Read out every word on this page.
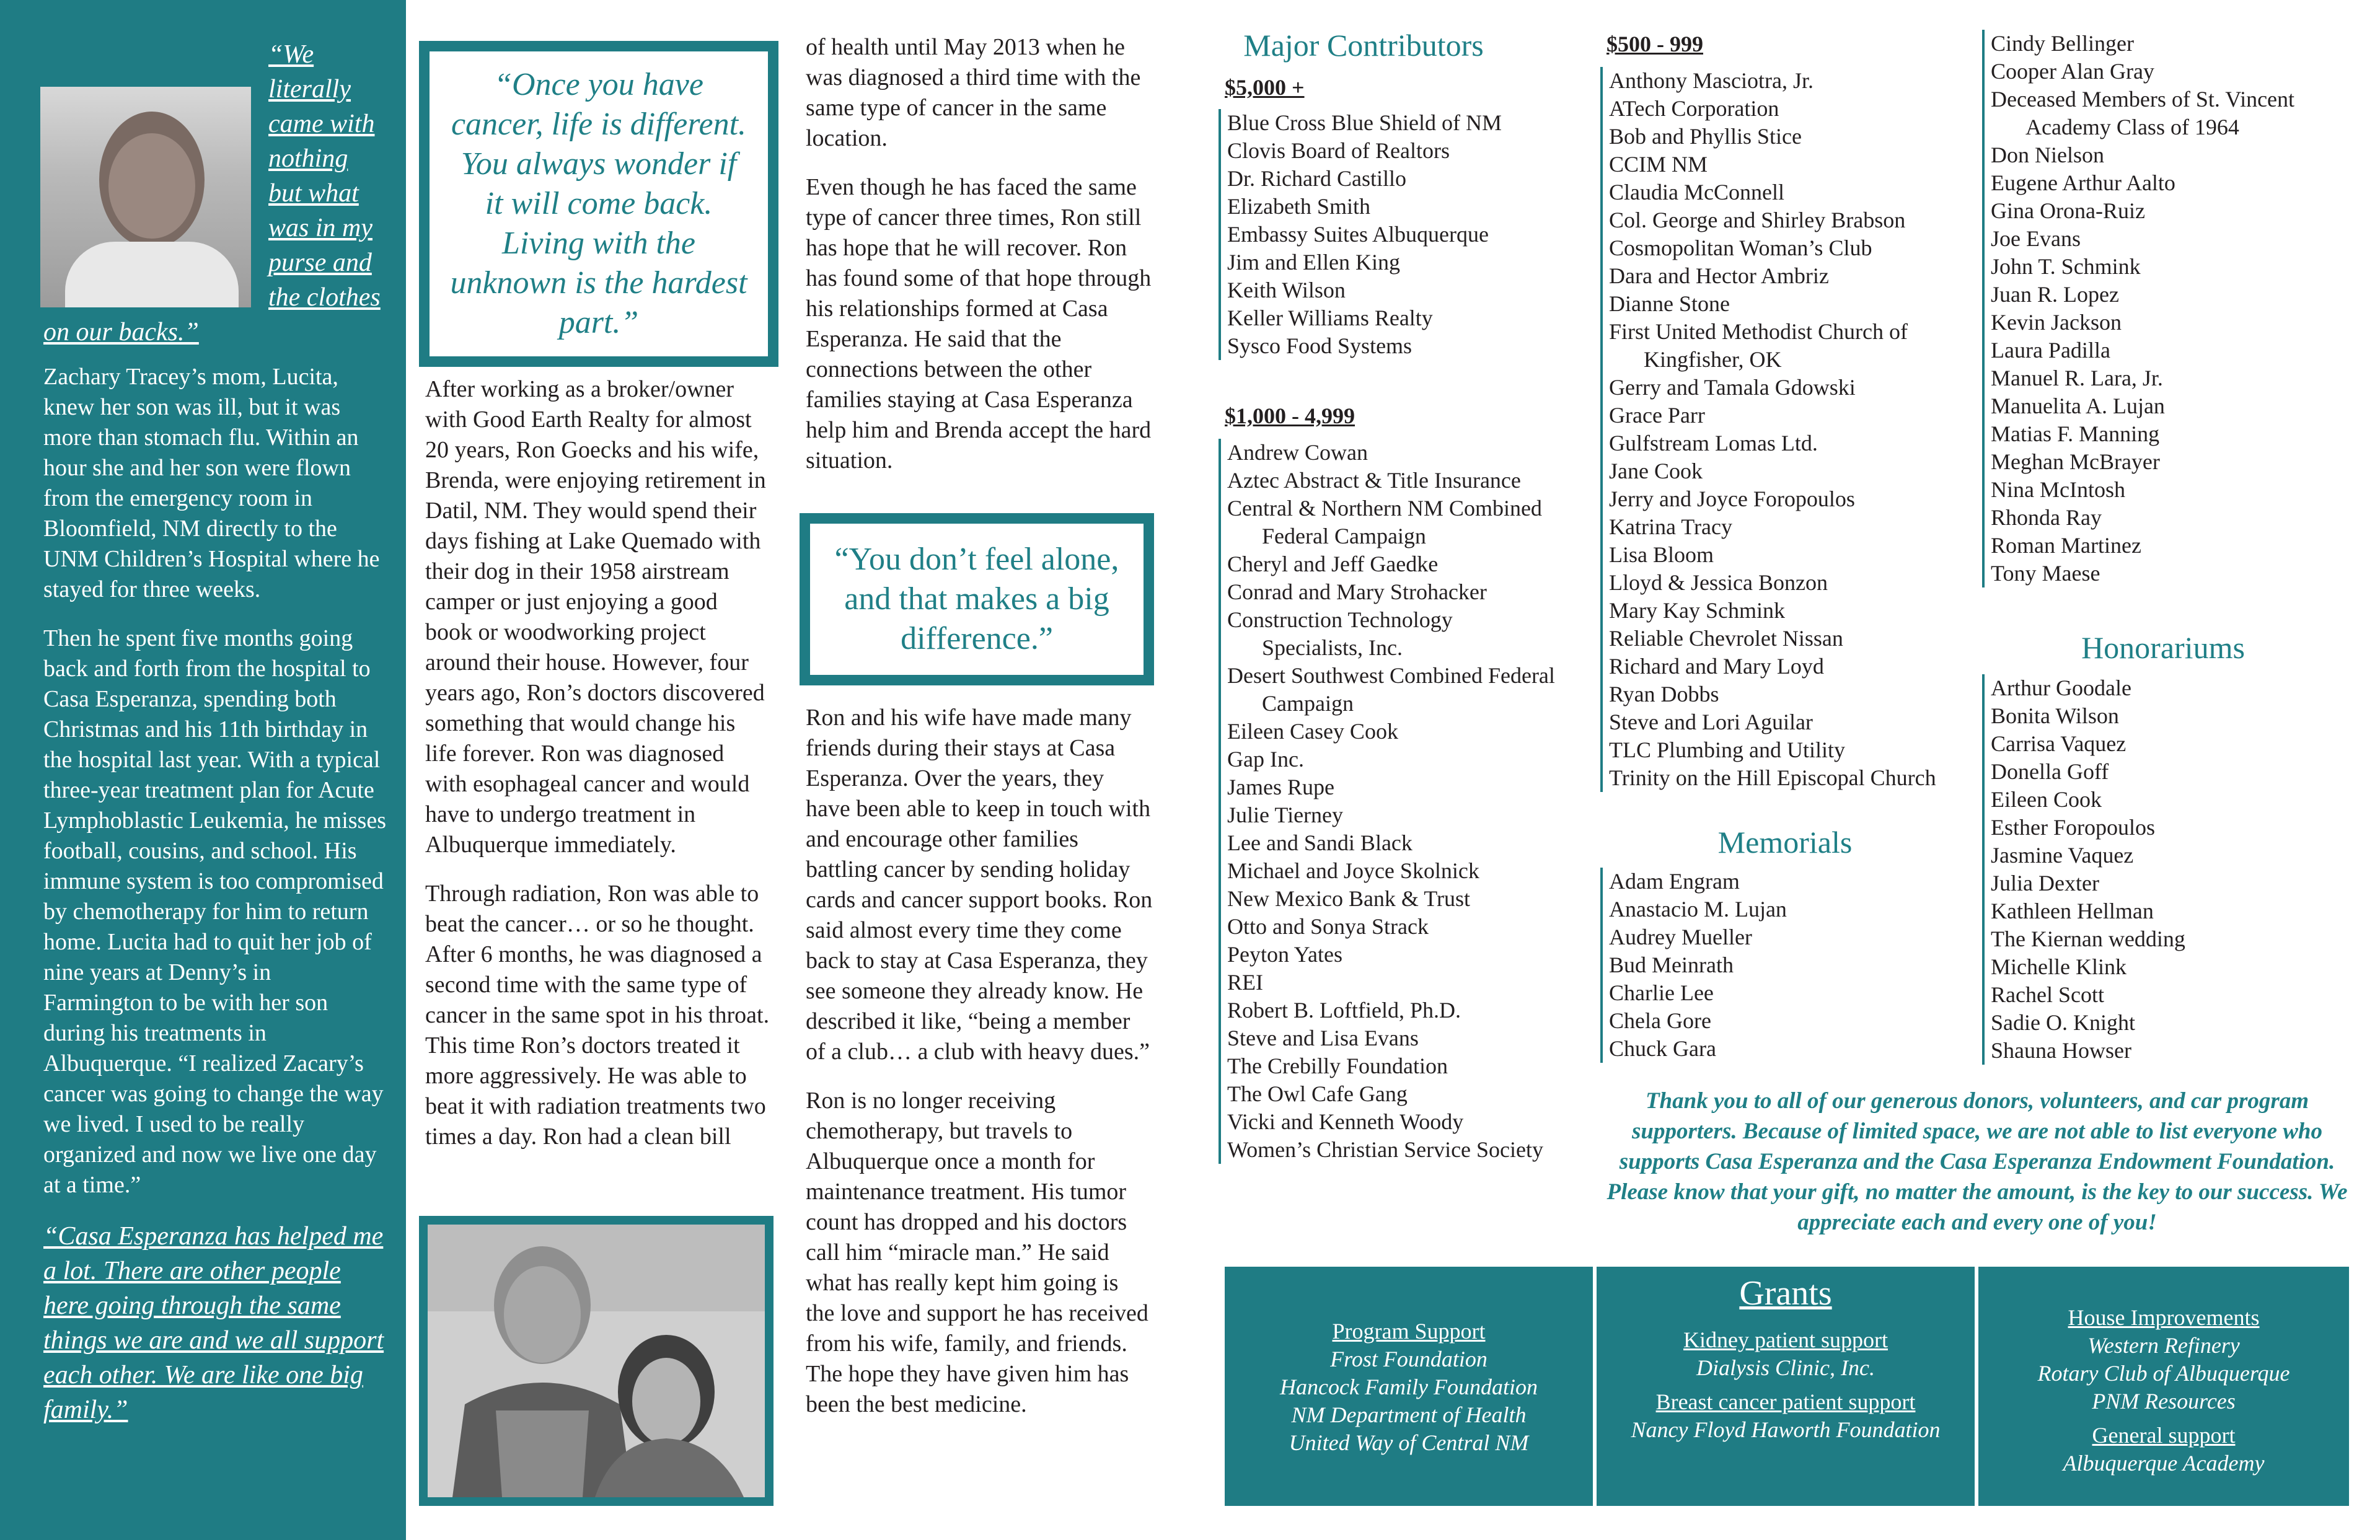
“We literally came with nothing but what was in my purse and the clothes on our backs.”

Zachary Tracey’s mom, Lucita, knew her son was ill, but it was more than stomach flu. Within an hour she and her son were flown from the emergency room in Bloomfield, NM directly to the UNM Children’s Hospital where he stayed for three weeks.

Then he spent five months going back and forth from the hospital to Casa Esperanza, spending both Christmas and his 11th birthday in the hospital last year. With a typical three-year treatment plan for Acute Lymphoblastic Leukemia, he misses football, cousins, and school. His immune system is too compromised by chemotherapy for him to return home. Lucita had to quit her job of nine years at Denny’s in Farmington to be with her son during his treatments in Albuquerque. “I realized Zacary’s cancer was going to change the way we lived. I used to be really organized and now we live one day at a time.”

“Casa Esperanza has helped me a lot. There are other people here going through the same things we are and we all support each other. We are like one big family.”
“Once you have cancer, life is different. You always wonder if it will come back. Living with the unknown is the hardest part.”

After working as a broker/owner with Good Earth Realty for almost 20 years, Ron Goecks and his wife, Brenda, were enjoying retirement in Datil, NM. They would spend their days fishing at Lake Quemado with their dog in their 1958 airstream camper or just enjoying a good book or woodworking project around their house. However, four years ago, Ron’s doctors discovered something that would change his life forever. Ron was diagnosed with esophageal cancer and would have to undergo treatment in Albuquerque immediately.

Through radiation, Ron was able to beat the cancer… or so he thought. After 6 months, he was diagnosed a second time with the same type of cancer in the same spot in his throat. This time Ron’s doctors treated it more aggressively. He was able to beat it with radiation treatments two times a day. Ron had a clean bill

of health until May 2013 when he was diagnosed a third time with the same type of cancer in the same location.

Even though he has faced the same type of cancer three times, Ron still has hope that he will recover. Ron has found some of that hope through his relationships formed at Casa Esperanza. He said that the connections between the other families staying at Casa Esperanza help him and Brenda accept the hard situation.

“You don’t feel alone, and that makes a big difference.”

Ron and his wife have made many friends during their stays at Casa Esperanza. Over the years, they have been able to keep in touch with and encourage other families battling cancer by sending holiday cards and cancer support books. Ron said almost every time they come back to stay at Casa Esperanza, they see someone they already know. He described it like, “being a member of a club… a club with heavy dues.”

Ron is no longer receiving chemotherapy, but travels to Albuquerque once a month for maintenance treatment. His tumor count has dropped and his doctors call him “miracle man.” He said what has really kept him going is the love and support he has received from his wife, family, and friends. The hope they have given him has been the best medicine.

Major Contributors
$5,000 +
Blue Cross Blue Shield of NM
Clovis Board of Realtors
Dr. Richard Castillo
Elizabeth Smith
Embassy Suites Albuquerque
Jim and Ellen King
Keith Wilson
Keller Williams Realty
Sysco Food Systems
$1,000 - 4,999
Andrew Cowan
Aztec Abstract & Title Insurance
Central & Northern NM Combined
Federal Campaign
Cheryl and Jeff Gaedke
Conrad and Mary Strohacker
Construction Technology
Specialists, Inc.
Desert Southwest Combined Federal
Campaign
Eileen Casey Cook
Gap Inc.
James Rupe
Julie Tierney
Lee and Sandi Black
Michael and Joyce Skolnick
New Mexico Bank & Trust
Otto and Sonya Strack
Peyton Yates
REI
Robert B. Loftfield, Ph.D.
Steve and Lisa Evans
The Crebilly Foundation
The Owl Cafe Gang
Vicki and Kenneth Woody
Women’s Christian Service Society
$500 - 999
Anthony Masciotra, Jr.
ATech Corporation
Bob and Phyllis Stice
CCIM NM
Claudia McConnell
Col. George and Shirley Brabson
Cosmopolitan Woman’s Club
Dara and Hector Ambriz
Dianne Stone
First United Methodist Church of
Kingfisher, OK
Gerry and Tamala Gdowski
Grace Parr
Gulfstream Lomas Ltd.
Jane Cook
Jerry and Joyce Foropoulos
Katrina Tracy
Lisa Bloom
Lloyd & Jessica Bonzon
Mary Kay Schmink
Reliable Chevrolet Nissan
Richard and Mary Loyd
Ryan Dobbs
Steve and Lori Aguilar
TLC Plumbing and Utility
Trinity on the Hill Episcopal Church
Memorials
Adam Engram
Anastacio M. Lujan
Audrey Mueller
Bud Meinrath
Charlie Lee
Chela Gore
Chuck Gara
Cindy Bellinger
Cooper Alan Gray
Deceased Members of St. Vincent
Academy Class of 1964
Don Nielson
Eugene Arthur Aalto
Gina Orona-Ruiz
Joe Evans
John T. Schmink
Juan R. Lopez
Kevin Jackson
Laura Padilla
Manuel R. Lara, Jr.
Manuelita A. Lujan
Matias F. Manning
Meghan McBrayer
Nina McIntosh
Rhonda Ray
Roman Martinez
Tony Maese
Honorariums
Arthur Goodale
Bonita Wilson
Carrisa Vaquez
Donella Goff
Eileen Cook
Esther Foropoulos
Jasmine Vaquez
Julia Dexter
Kathleen Hellman
The Kiernan wedding
Michelle Klink
Rachel Scott
Sadie O. Knight
Shauna Howser
Thank you to all of our generous donors, volunteers, and car program supporters. Because of limited space, we are not able to list everyone who supports Casa Esperanza and the Casa Esperanza Endowment Foundation. Please know that your gift, no matter the amount, is the key to our success. We appreciate each and every one of you!
Program Support
Frost Foundation
Hancock Family Foundation
NM Department of Health
United Way of Central NM
Grants
Kidney patient support
Dialysis Clinic, Inc.
Breast cancer patient support
Nancy Floyd Haworth Foundation
House Improvements
Western Refinery
Rotary Club of Albuquerque
PNM Resources
General support
Albuquerque Academy
